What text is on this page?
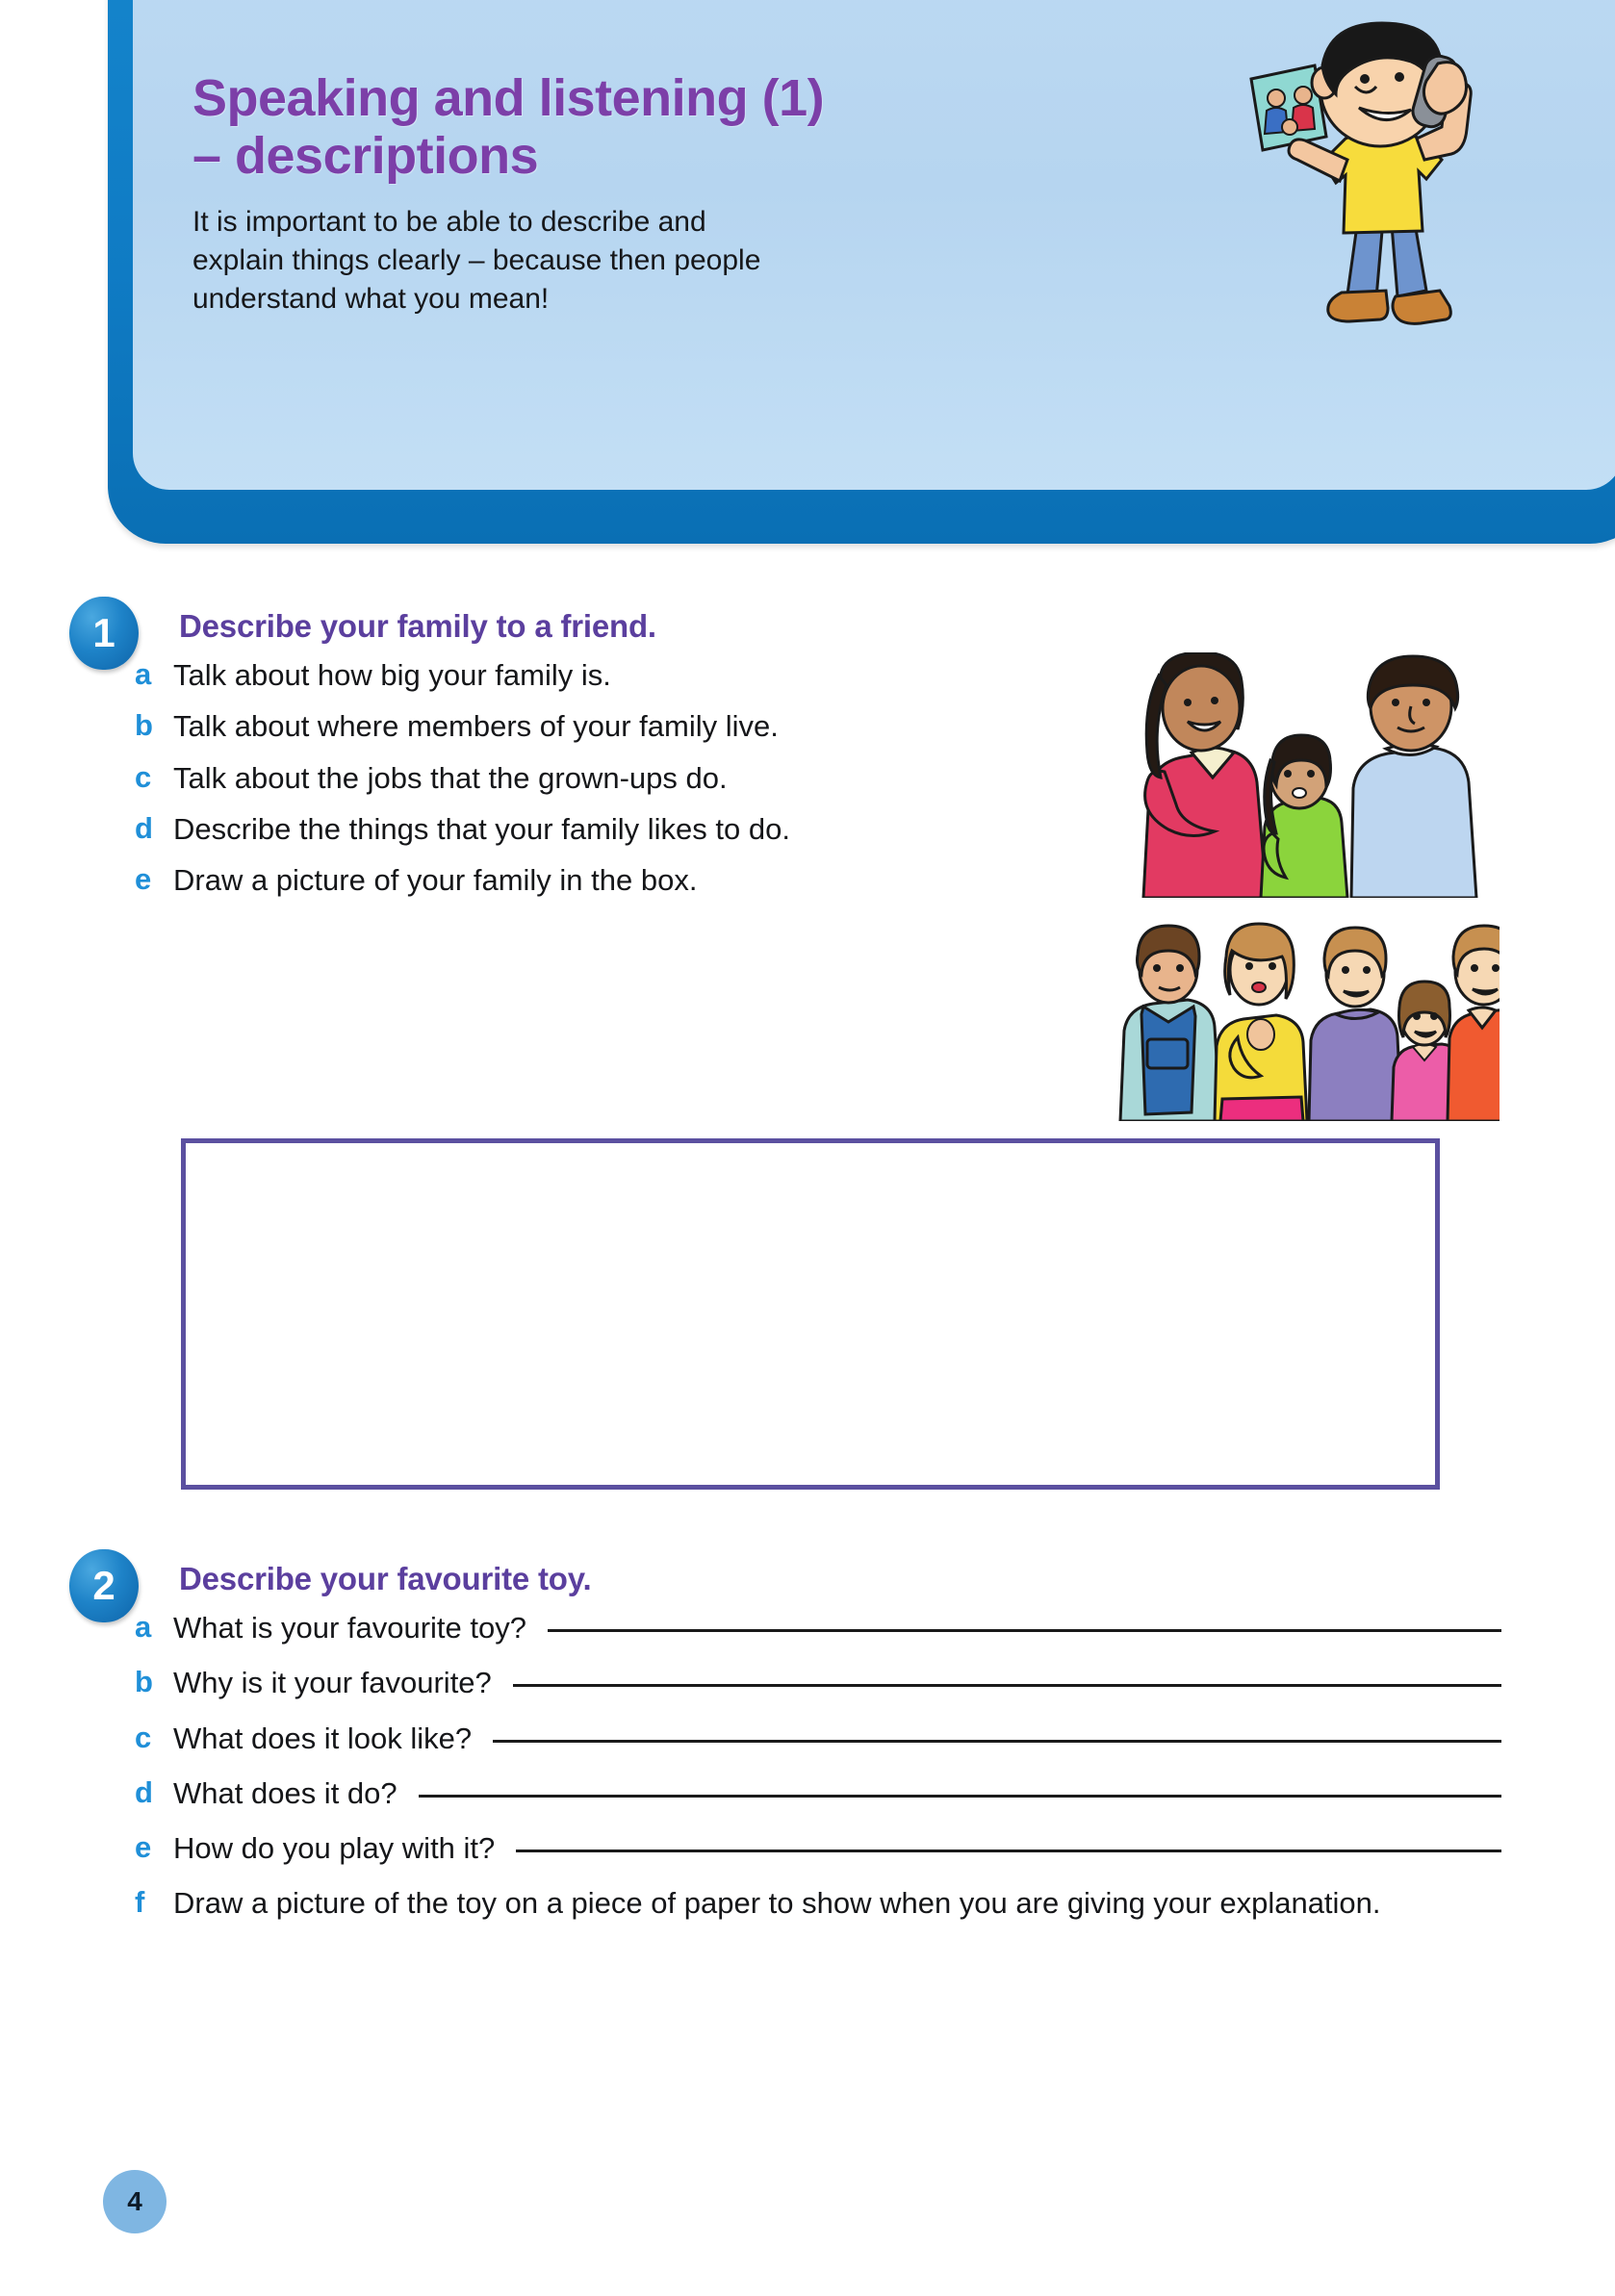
Speaking and listening (1)
– descriptions

It is important to be able to describe and
explain things clearly – because then people
understand what you mean!

1	Describe your family to a friend.
a Talk about how big your family is.
b Talk about where members of your family live.
c Talk about the jobs that the grown-ups do.
d Describe the things that your family likes to do.
e Draw a picture of your family in the box.
2	Describe your favourite toy.
a What is your favourite toy?
b Why is it your favourite?
c What does it look like?
d What does it do?
e How do you play with it?
f Draw a picture of the toy on a piece of paper to show when you are giving your explanation.
4
